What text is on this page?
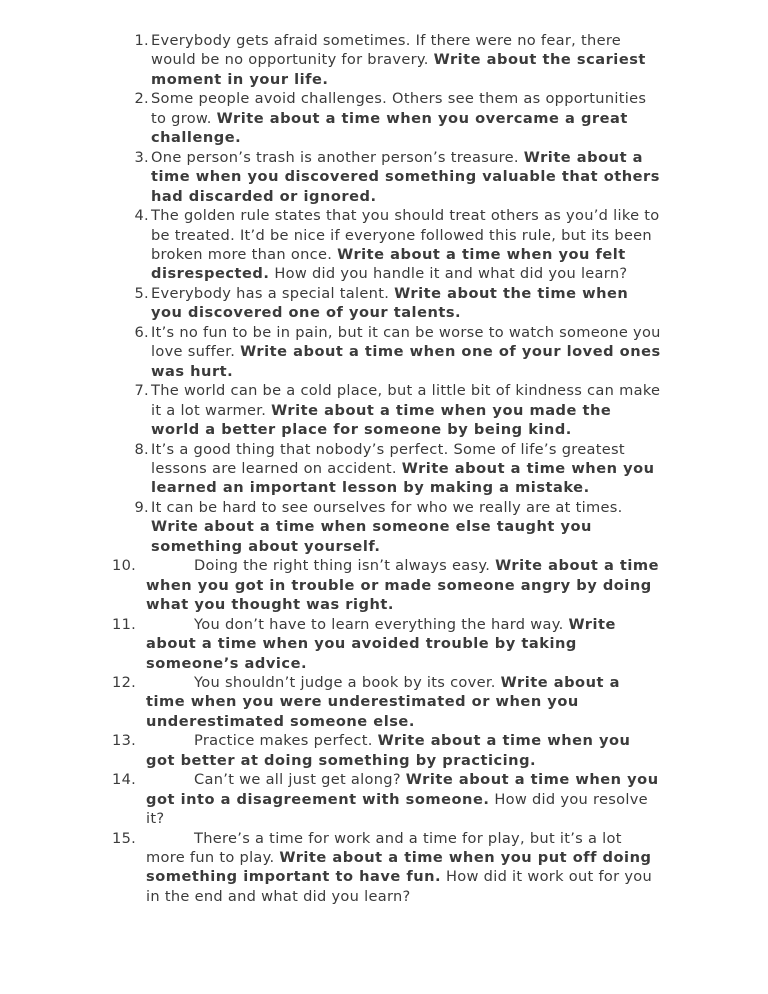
1. Everybody gets afraid sometimes. If there were no fear, there would be no opportunity for bravery. Write about the scariest moment in your life.
2. Some people avoid challenges. Others see them as opportunities to grow. Write about a time when you overcame a great challenge.
3. One person’s trash is another person’s treasure. Write about a time when you discovered something valuable that others had discarded or ignored.
4. The golden rule states that you should treat others as you’d like to be treated. It’d be nice if everyone followed this rule, but its been broken more than once. Write about a time when you felt disrespected. How did you handle it and what did you learn?
5. Everybody has a special talent. Write about the time when you discovered one of your talents.
6. It’s no fun to be in pain, but it can be worse to watch someone you love suffer. Write about a time when one of your loved ones was hurt.
7. The world can be a cold place, but a little bit of kindness can make it a lot warmer. Write about a time when you made the world a better place for someone by being kind.
8. It’s a good thing that nobody’s perfect. Some of life’s greatest lessons are learned on accident. Write about a time when you learned an important lesson by making a mistake.
9. It can be hard to see ourselves for who we really are at times. Write about a time when someone else taught you something about yourself.
10.	Doing the right thing isn’t always easy. Write about a time when you got in trouble or made someone angry by doing what you thought was right.
11.	You don’t have to learn everything the hard way. Write about a time when you avoided trouble by taking someone’s advice.
12.	You shouldn’t judge a book by its cover. Write about a time when you were underestimated or when you underestimated someone else.
13.	Practice makes perfect. Write about a time when you got better at doing something by practicing.
14.	Can’t we all just get along? Write about a time when you got into a disagreement with someone. How did you resolve it?
15.	There’s a time for work and a time for play, but it’s a lot more fun to play. Write about a time when you put off doing something important to have fun. How did it work out for you in the end and what did you learn?
